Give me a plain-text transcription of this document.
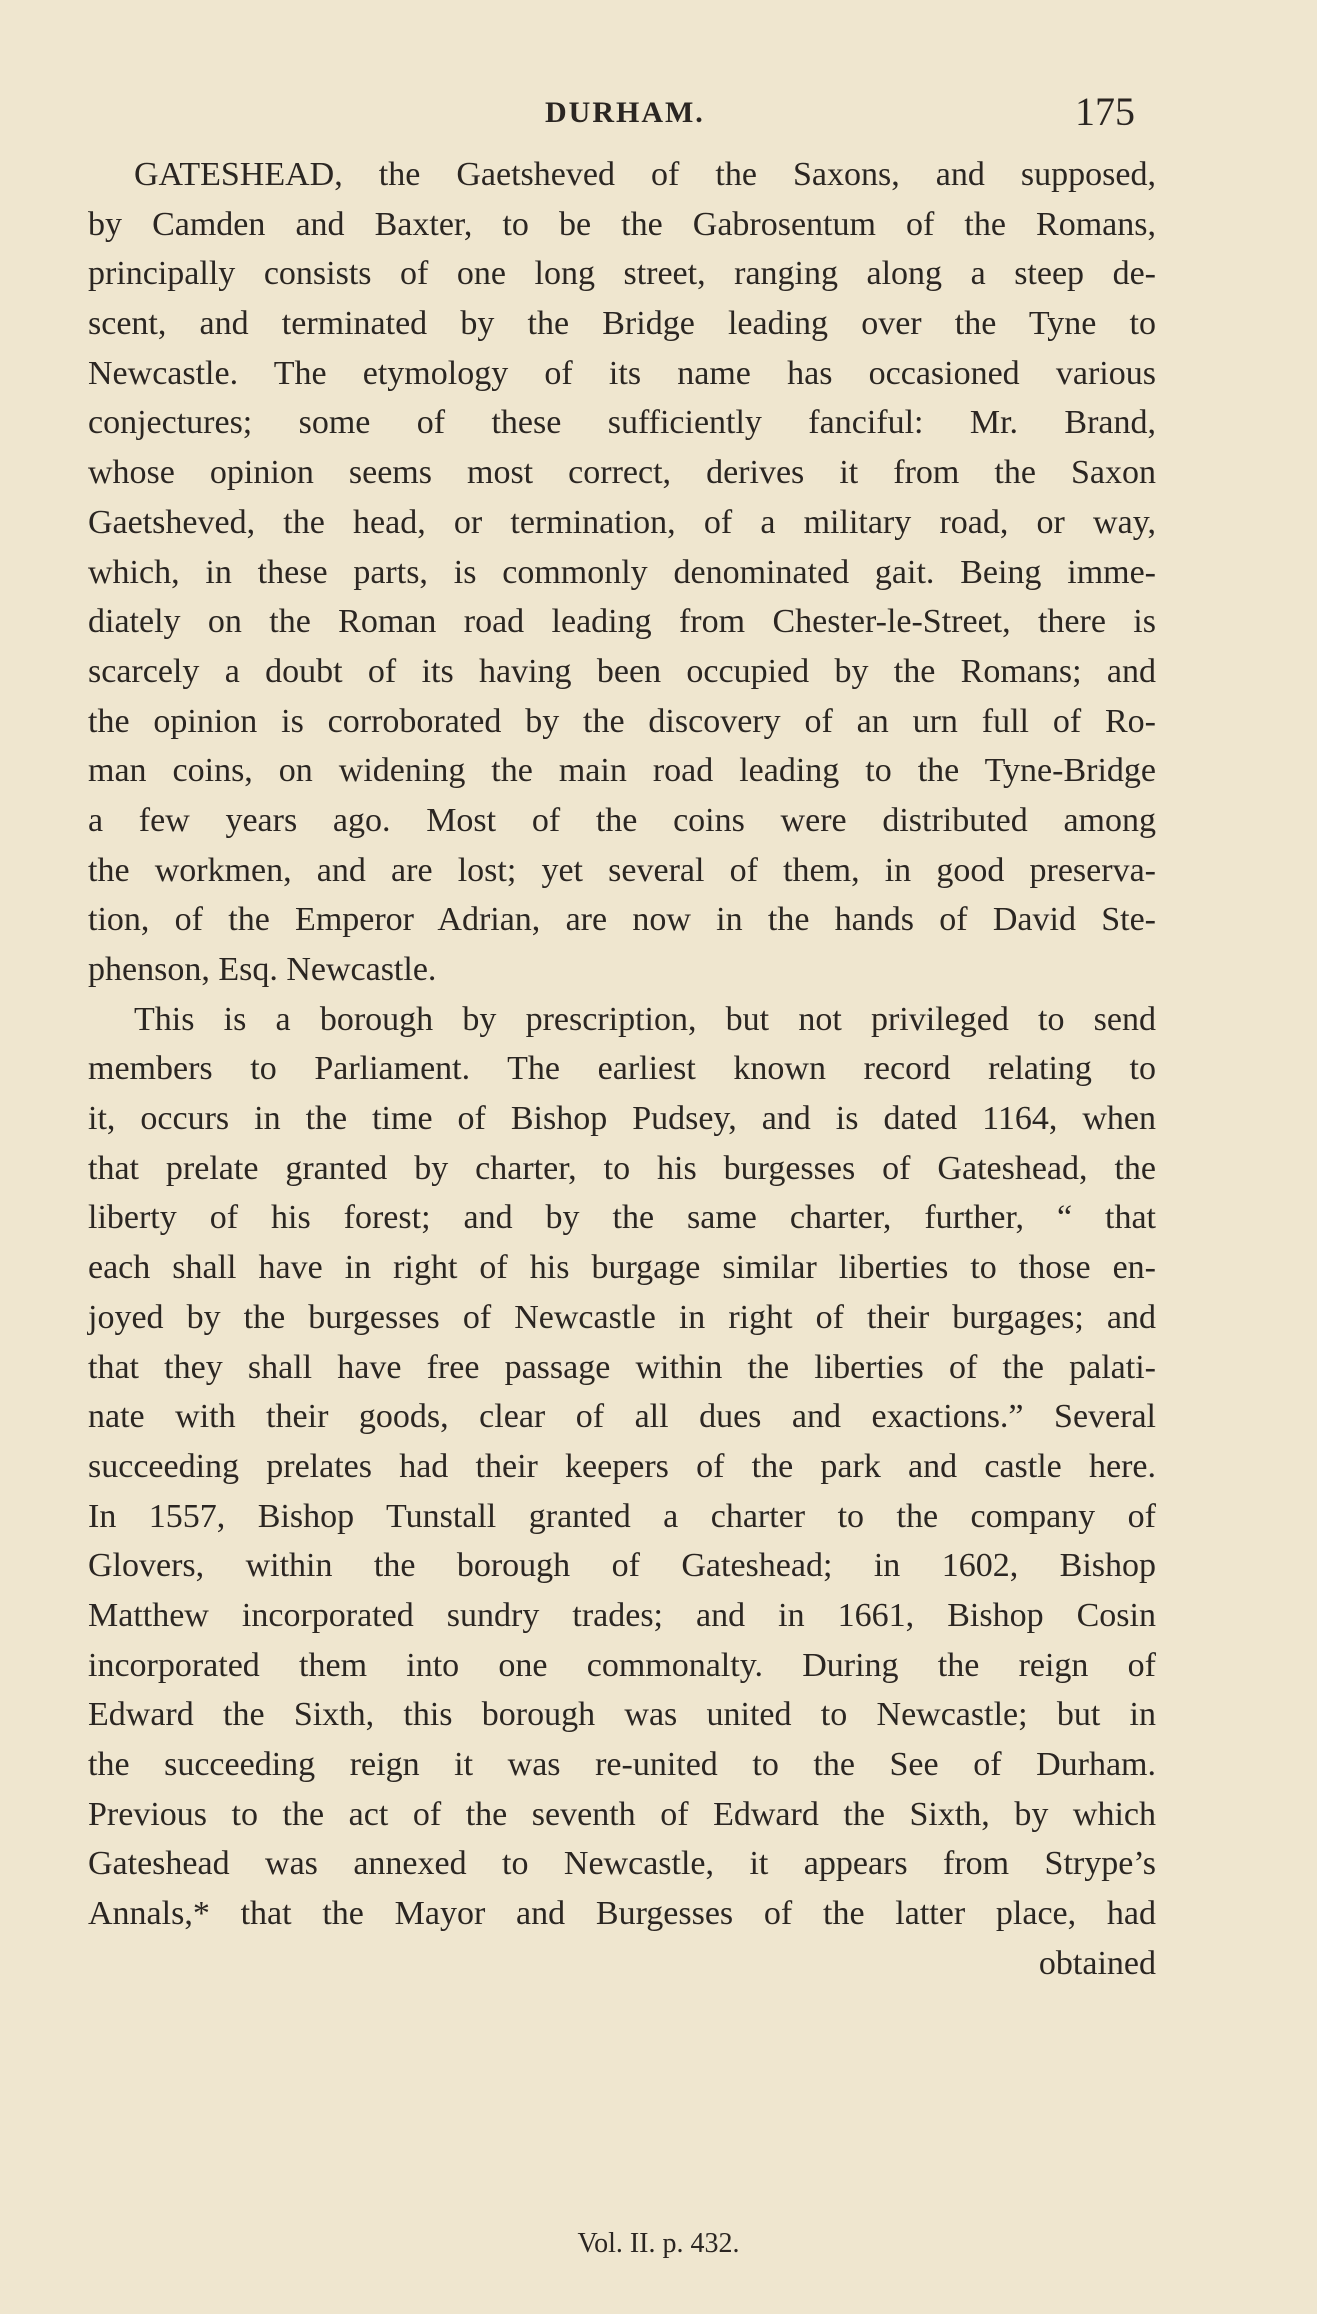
DURHAM.	175
GATESHEAD, the Gaetsheved of the Saxons, and supposed,
by Camden and Baxter, to be the Gabrosentum of the Romans,
principally consists of one long street, ranging along a steep de-
scent, and terminated by the Bridge leading over the Tyne to
Newcastle. The etymology of its name has occasioned various
conjectures; some of these sufficiently fanciful: Mr. Brand,
whose opinion seems most correct, derives it from the Saxon
Gaetsheved, the head, or termination, of a military road, or way,
which, in these parts, is commonly denominated gait. Being imme-
diately on the Roman road leading from Chester-le-Street, there is
scarcely a doubt of its having been occupied by the Romans; and
the opinion is corroborated by the discovery of an urn full of Ro-
man coins, on widening the main road leading to the Tyne-Bridge
a few years ago. Most of the coins were distributed among
the workmen, and are lost; yet several of them, in good preserva-
tion, of the Emperor Adrian, are now in the hands of David Ste-
phenson, Esq. Newcastle.
This is a borough by prescription, but not privileged to send
members to Parliament. The earliest known record relating to
it, occurs in the time of Bishop Pudsey, and is dated 1164, when
that prelate granted by charter, to his burgesses of Gateshead, the
liberty of his forest; and by the same charter, further, “ that
each shall have in right of his burgage similar liberties to those en-
joyed by the burgesses of Newcastle in right of their burgages; and
that they shall have free passage within the liberties of the palati-
nate with their goods, clear of all dues and exactions.” Several
succeeding prelates had their keepers of the park and castle here.
In 1557, Bishop Tunstall granted a charter to the company of
Glovers, within the borough of Gateshead; in 1602, Bishop
Matthew incorporated sundry trades; and in 1661, Bishop Cosin
incorporated them into one commonalty. During the reign of
Edward the Sixth, this borough was united to Newcastle; but in
the succeeding reign it was re-united to the See of Durham.
Previous to the act of the seventh of Edward the Sixth, by which
Gateshead was annexed to Newcastle, it appears from Strype’s
Annals,* that the Mayor and Burgesses of the latter place, had
obtained
Vol. II. p. 432.
